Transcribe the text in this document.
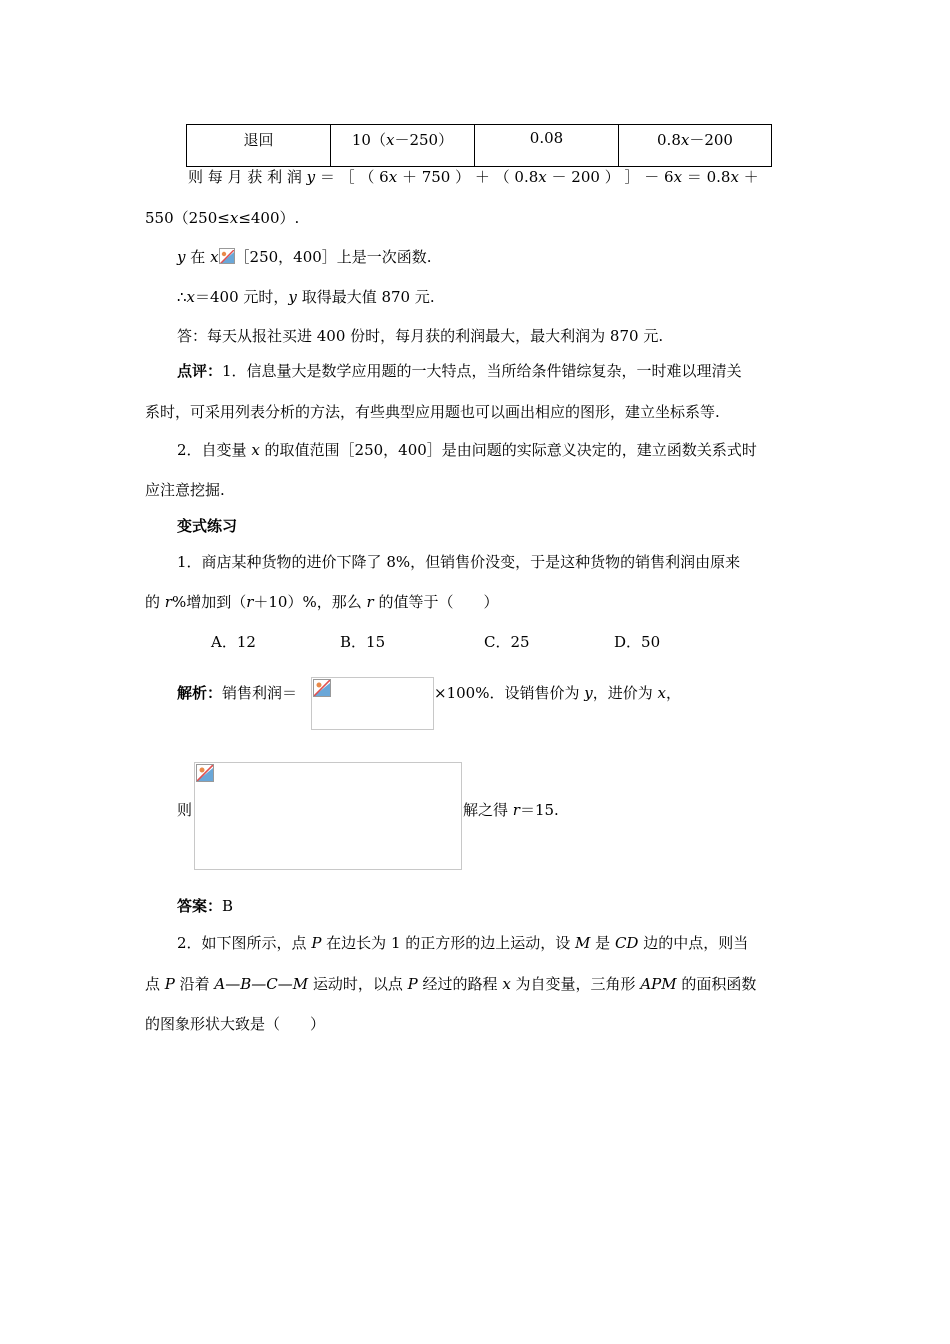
退回	10（x－250）	0.08	0.8x－200
则 每 月 获 利 润 y ＝ ［ （ 6x ＋ 750 ） ＋ （ 0.8x － 200 ） ］ － 6x ＝ 0.8x ＋
550（250≤x≤400）.
y 在 x ［250，400］上是一次函数.
∴x＝400 元时，y 取得最大值 870 元.
答：每天从报社买进 400 份时，每月获的利润最大，最大利润为 870 元.
点评：1．信息量大是数学应用题的一大特点，当所给条件错综复杂，一时难以理清关
系时，可采用列表分析的方法，有些典型应用题也可以画出相应的图形，建立坐标系等.
2．自变量 x 的取值范围［250，400］是由问题的实际意义决定的，建立函数关系式时
应注意挖掘.
变式练习
1．商店某种货物的进价下降了 8%，但销售价没变，于是这种货物的销售利润由原来
的 r%增加到（r＋10）%，那么 r 的值等于（　　）
A．12	B．15	C．25	D．50
解析：销售利润＝	×100%．设销售价为 y，进价为 x，
则	解之得 r＝15.
答案：B
2．如下图所示，点 P 在边长为 1 的正方形的边上运动，设 M 是 CD 边的中点，则当
点 P 沿着 A—B—C—M 运动时，以点 P 经过的路程 x 为自变量，三角形 APM 的面积函数
的图象形状大致是（　　）
